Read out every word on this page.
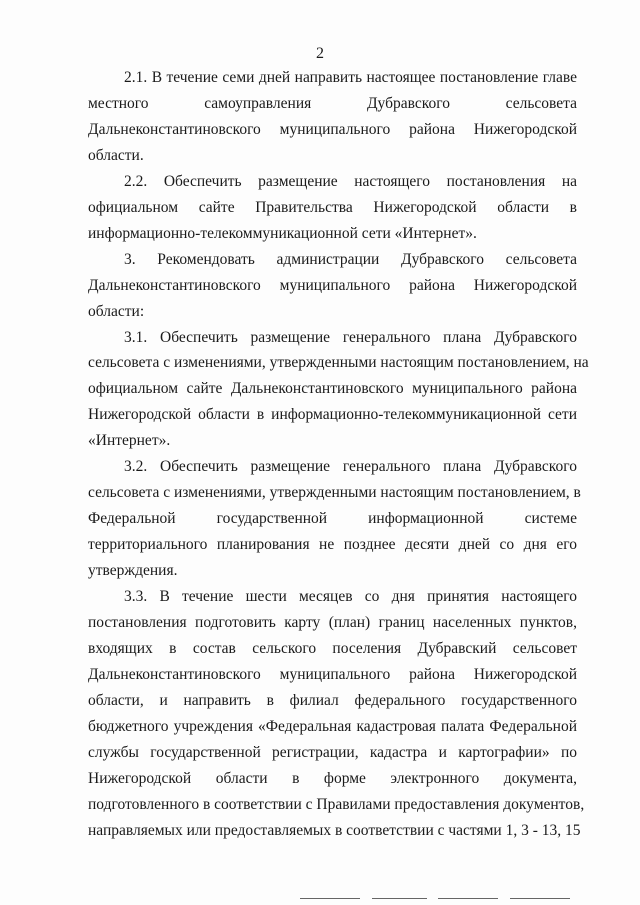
2
2.1. В течение семи дней направить настоящее постановление главе
местного самоуправления Дубравского сельсовета
Дальнеконстантиновского муниципального района Нижегородской
области.
2.2. Обеспечить размещение настоящего постановления на
официальном сайте Правительства Нижегородской области в
информационно-телекоммуникационной сети «Интернет».
3. Рекомендовать администрации Дубравского сельсовета
Дальнеконстантиновского муниципального района Нижегородской
области:
3.1. Обеспечить размещение генерального плана Дубравского
сельсовета с изменениями, утвержденными настоящим постановлением, на
официальном сайте Дальнеконстантиновского муниципального района
Нижегородской области в информационно-телекоммуникационной сети
«Интернет».
3.2. Обеспечить размещение генерального плана Дубравского
сельсовета с изменениями, утвержденными настоящим постановлением, в
Федеральной государственной информационной системе
территориального планирования не позднее десяти дней со дня его
утверждения.
3.3. В течение шести месяцев со дня принятия настоящего
постановления подготовить карту (план) границ населенных пунктов,
входящих в состав сельского поселения Дубравский сельсовет
Дальнеконстантиновского муниципального района Нижегородской
области, и направить в филиал федерального государственного
бюджетного учреждения «Федеральная кадастровая палата Федеральной
службы государственной регистрации, кадастра и картографии» по
Нижегородской области в форме электронного документа,
подготовленного в соответствии с Правилами предоставления документов,
направляемых или предоставляемых в соответствии с частями 1, 3 - 13, 15
